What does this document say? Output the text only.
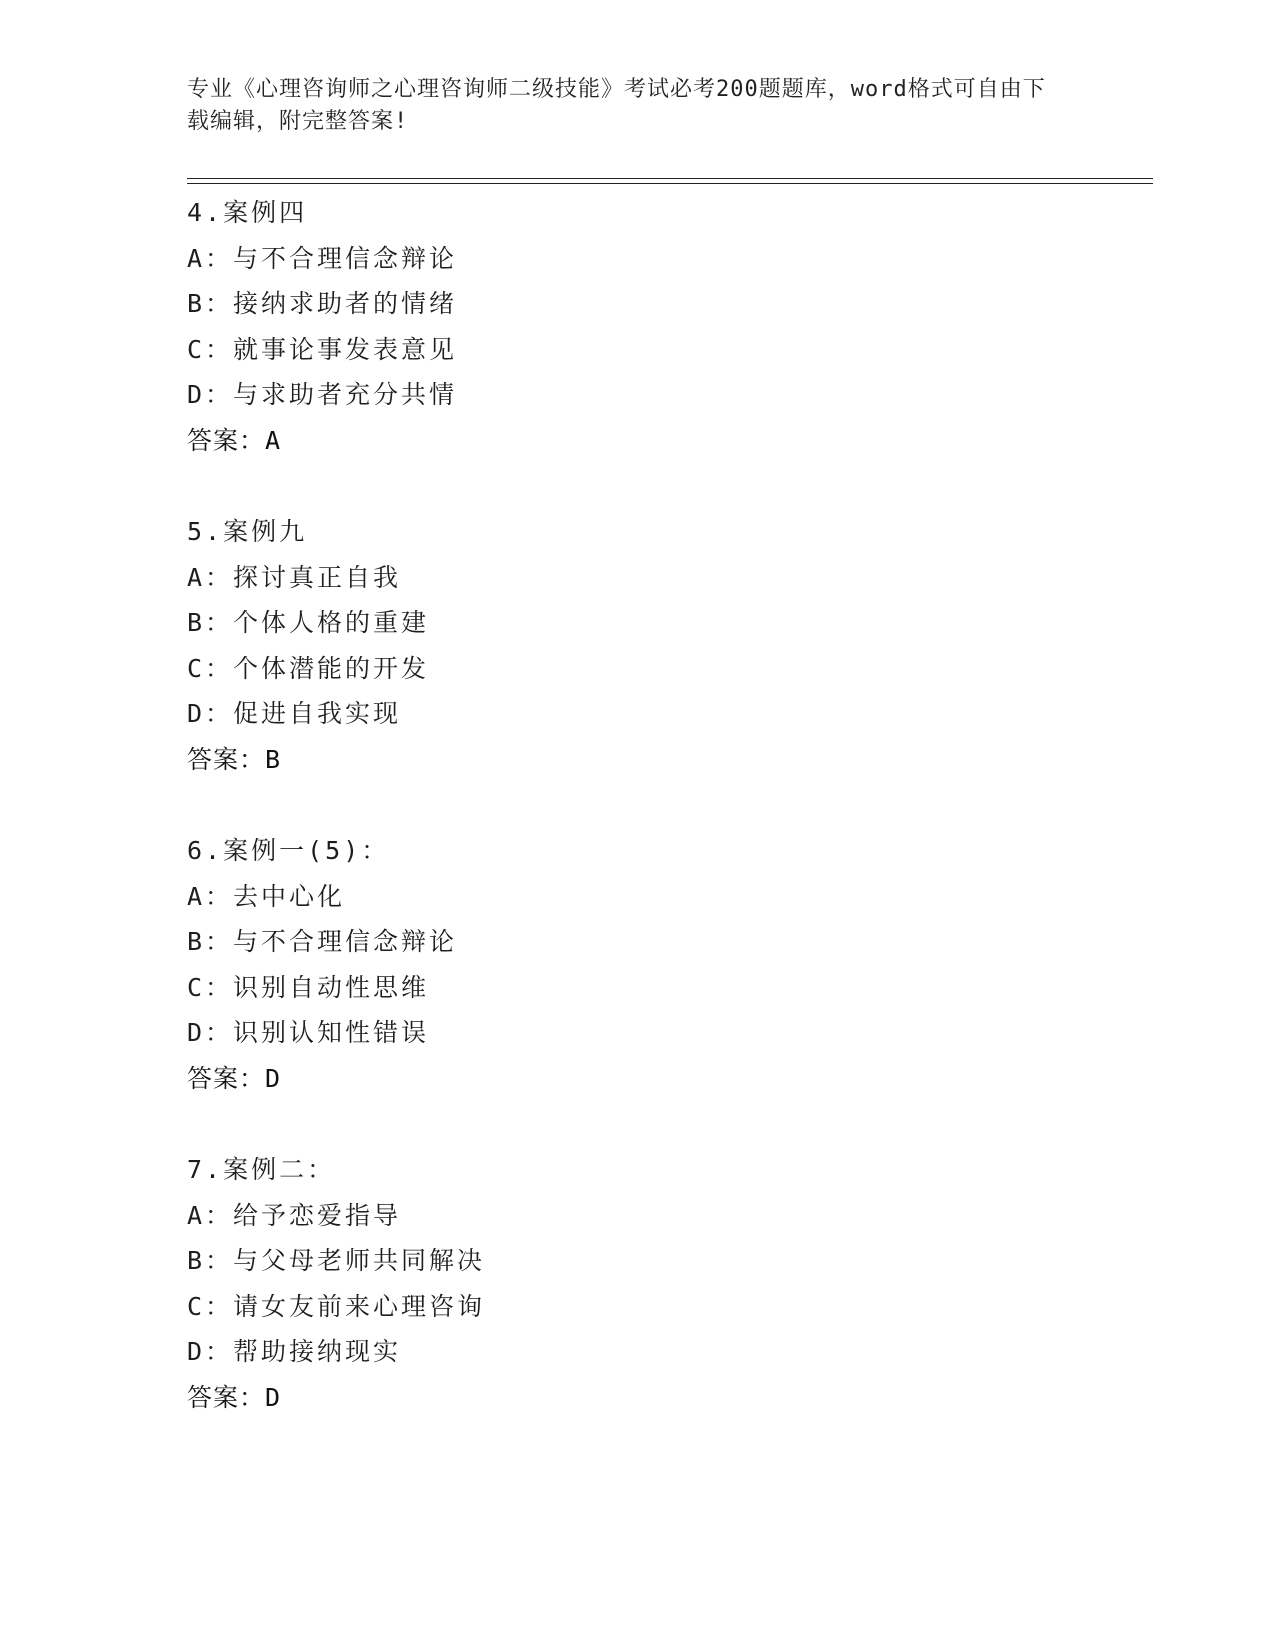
专业《心理咨询师之心理咨询师二级技能》考试必考200题题库，word格式可自由下载编辑，附完整答案!
4.案例四
A：与不合理信念辩论
B：接纳求助者的情绪
C：就事论事发表意见
D：与求助者充分共情
答案：A
5.案例九
A：探讨真正自我
B：个体人格的重建
C：个体潜能的开发
D：促进自我实现
答案：B
6.案例一(5)：
A：去中心化
B：与不合理信念辩论
C：识别自动性思维
D：识别认知性错误
答案：D
7.案例二：
A：给予恋爱指导
B：与父母老师共同解决
C：请女友前来心理咨询
D：帮助接纳现实
答案：D
